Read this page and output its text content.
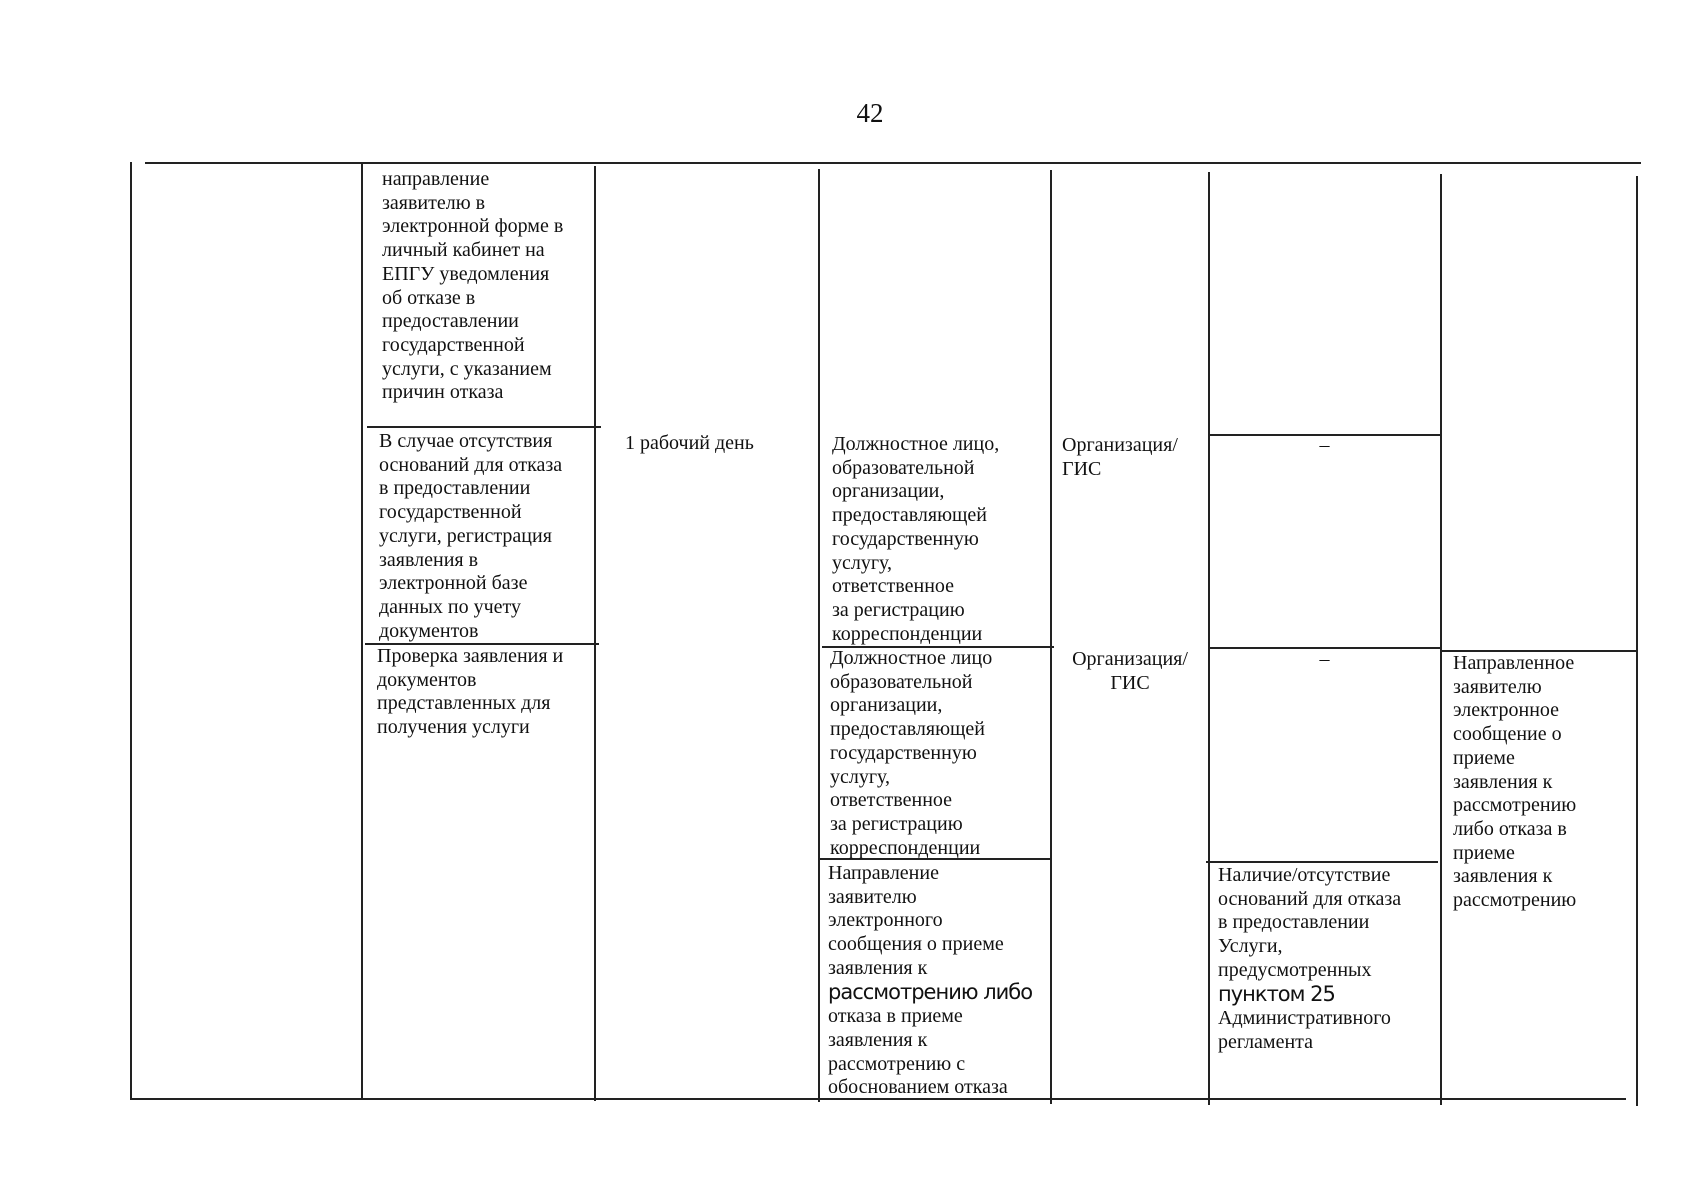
42
направление
заявителю в
электронной форме в
личный кабинет на
ЕПГУ уведомления
об отказе в
предоставлении
государственной
услуги, с указанием
причин отказа
В случае отсутствия
оснований для отказа
в предоставлении
государственной
услуги, регистрация
заявления в
электронной базе
данных по учету
документов
1 рабочий день	Должностное лицо,
образовательной
организации,
предоставляющей
государственную
услугу,
ответственное
за регистрацию
корреспонденции
Организация/
ГИС
–
Проверка заявления и
документов
представленных для
получения услуги
Должностное лицо
образовательной
организации,
предоставляющей
государственную
услугу,
ответственное
за регистрацию
корреспонденции
Организация/
ГИС
–	Направленное
заявителю
электронное
сообщение о
приеме
заявления к
рассмотрению
либо отказа в
приеме
заявления к
рассмотрению
Направление
заявителю
электронного
сообщения о приеме
заявления к
рассмотрению либо
отказа в приеме
заявления к
рассмотрению с
обоснованием отказа
Наличие/отсутствие
оснований для отказа
в предоставлении
Услуги,
предусмотренных
пунктом 25
Административного
регламента
